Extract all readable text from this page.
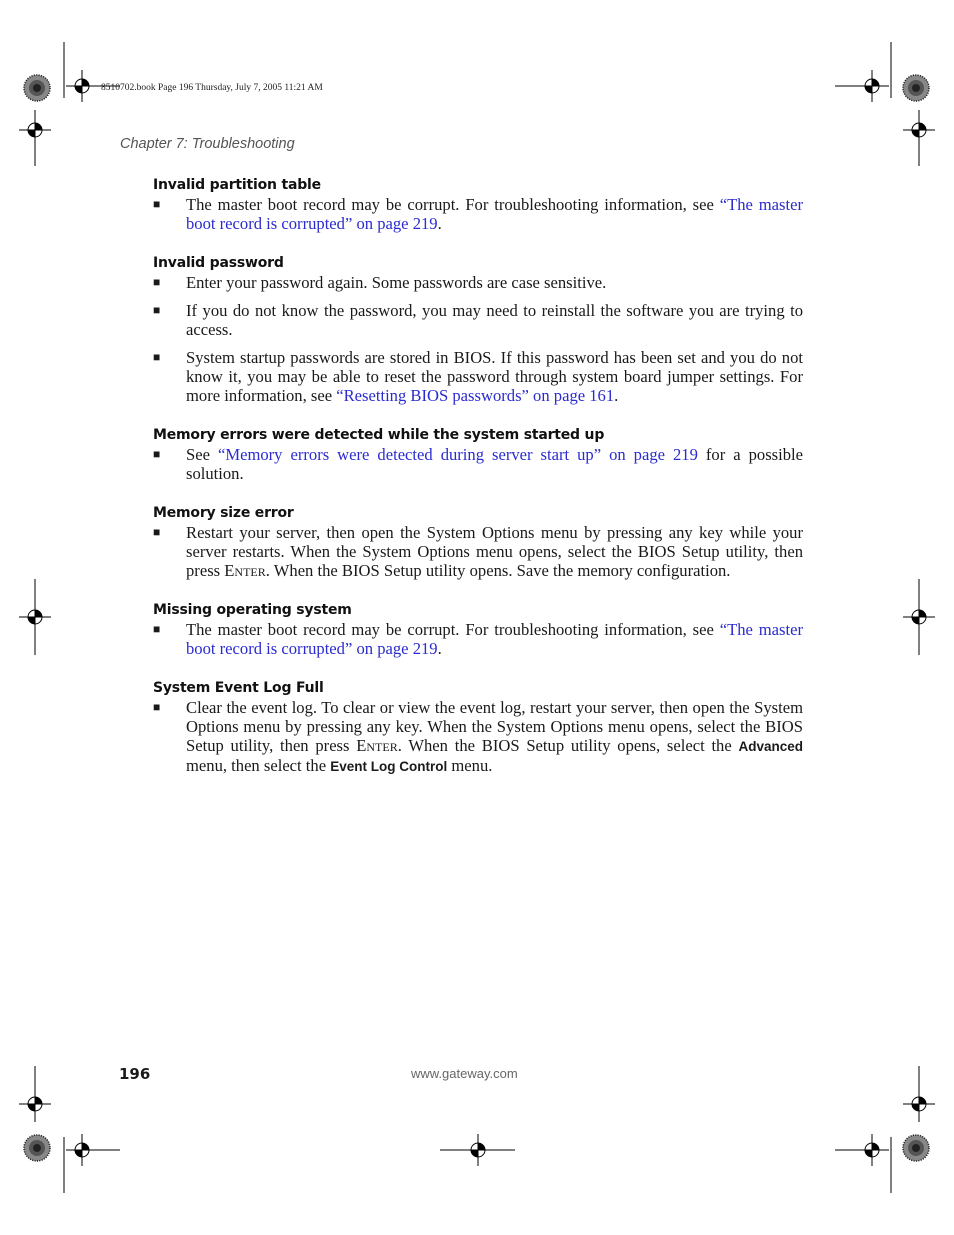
8510702.book Page 196 Thursday, July 7, 2005 11:21 AM
Chapter 7: Troubleshooting
Invalid partition table
■ The master boot record may be corrupt. For troubleshooting information, see “The master boot record is corrupted” on page 219.
Invalid password
■ Enter your password again. Some passwords are case sensitive.
■ If you do not know the password, you may need to reinstall the software you are trying to access.
■ System startup passwords are stored in BIOS. If this password has been set and you do not know it, you may be able to reset the password through system board jumper settings. For more information, see “Resetting BIOS passwords” on page 161.
Memory errors were detected while the system started up
■ See “Memory errors were detected during server start up” on page 219 for a possible solution.
Memory size error
■ Restart your server, then open the System Options menu by pressing any key while your server restarts. When the System Options menu opens, select the BIOS Setup utility, then press Enter. When the BIOS Setup utility opens. Save the memory configuration.
Missing operating system
■ The master boot record may be corrupt. For troubleshooting information, see “The master boot record is corrupted” on page 219.
System Event Log Full
■ Clear the event log. To clear or view the event log, restart your server, then open the System Options menu by pressing any key. When the System Options menu opens, select the BIOS Setup utility, then press Enter. When the BIOS Setup utility opens, select the Advanced menu, then select the Event Log Control menu.
196	www.gateway.com
